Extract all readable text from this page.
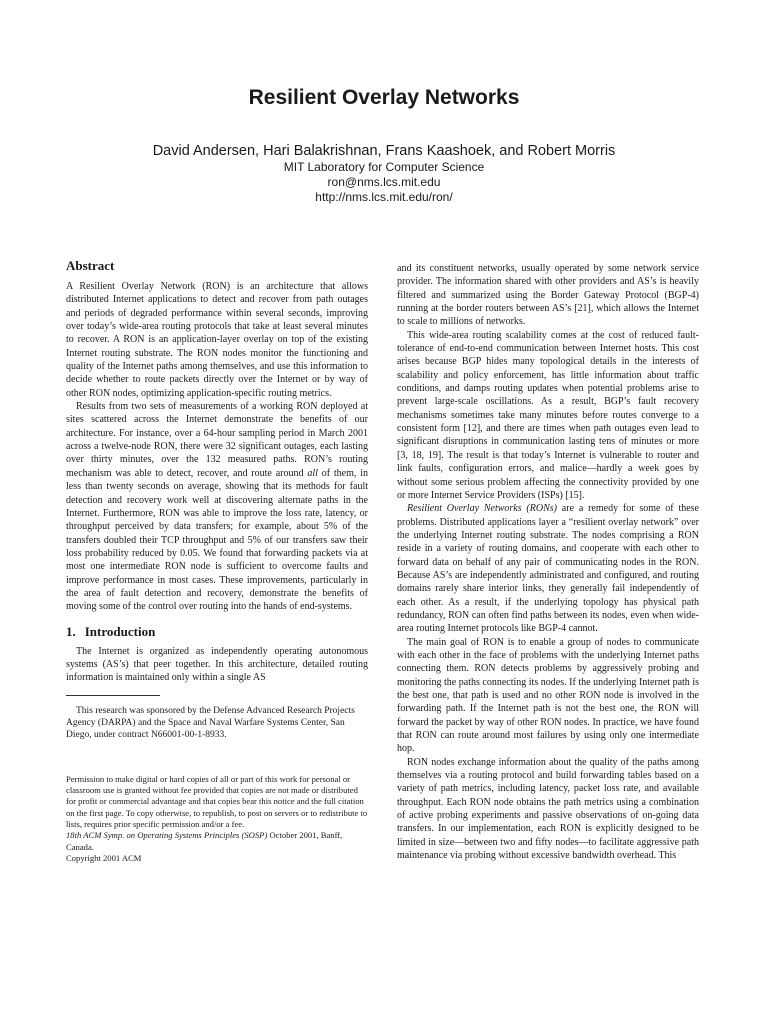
Resilient Overlay Networks
David Andersen, Hari Balakrishnan, Frans Kaashoek, and Robert Morris
MIT Laboratory for Computer Science
ron@nms.lcs.mit.edu
http://nms.lcs.mit.edu/ron/
Abstract

A Resilient Overlay Network (RON) is an architecture that allows distributed Internet applications to detect and recover from path outages and periods of degraded performance within several seconds, improving over today’s wide-area routing protocols that take at least several minutes to recover. A RON is an application-layer overlay on top of the existing Internet routing substrate. The RON nodes monitor the functioning and quality of the Internet paths among themselves, and use this information to decide whether to route packets directly over the Internet or by way of other RON nodes, optimizing application-specific routing metrics.

Results from two sets of measurements of a working RON deployed at sites scattered across the Internet demonstrate the benefits of our architecture. For instance, over a 64-hour sampling period in March 2001 across a twelve-node RON, there were 32 significant outages, each lasting over thirty minutes, over the 132 measured paths. RON’s routing mechanism was able to detect, recover, and route around all of them, in less than twenty seconds on average, showing that its methods for fault detection and recovery work well at discovering alternate paths in the Internet. Furthermore, RON was able to improve the loss rate, latency, or throughput perceived by data transfers; for example, about 5% of the transfers doubled their TCP throughput and 5% of our transfers saw their loss probability reduced by 0.05. We found that forwarding packets via at most one intermediate RON node is sufficient to overcome faults and improve performance in most cases. These improvements, particularly in the area of fault detection and recovery, demonstrate the benefits of moving some of the control over routing into the hands of end-systems.

1. Introduction

The Internet is organized as independently operating autonomous systems (AS’s) that peer together. In this architecture, detailed routing information is maintained only within a single AS

This research was sponsored by the Defense Advanced Research Projects Agency (DARPA) and the Space and Naval Warfare Systems Center, San Diego, under contract N66001-00-1-8933.

Permission to make digital or hard copies of all or part of this work for personal or classroom use is granted without fee provided that copies are not made or distributed for profit or commercial advantage and that copies bear this notice and the full citation on the first page. To copy otherwise, to republish, to post on servers or to redistribute to lists, requires prior specific permission and/or a fee.
18th ACM Symp. on Operating Systems Principles (SOSP) October 2001, Banff, Canada.
Copyright 2001 ACM

and its constituent networks, usually operated by some network service provider. The information shared with other providers and AS’s is heavily filtered and summarized using the Border Gateway Protocol (BGP-4) running at the border routers between AS’s [21], which allows the Internet to scale to millions of networks.

This wide-area routing scalability comes at the cost of reduced fault-tolerance of end-to-end communication between Internet hosts. This cost arises because BGP hides many topological details in the interests of scalability and policy enforcement, has little information about traffic conditions, and damps routing updates when potential problems arise to prevent large-scale oscillations. As a result, BGP’s fault recovery mechanisms sometimes take many minutes before routes converge to a consistent form [12], and there are times when path outages even lead to significant disruptions in communication lasting tens of minutes or more [3, 18, 19]. The result is that today’s Internet is vulnerable to router and link faults, configuration errors, and malice—hardly a week goes by without some serious problem affecting the connectivity provided by one or more Internet Service Providers (ISPs) [15].

Resilient Overlay Networks (RONs) are a remedy for some of these problems. Distributed applications layer a “resilient overlay network” over the underlying Internet routing substrate. The nodes comprising a RON reside in a variety of routing domains, and cooperate with each other to forward data on behalf of any pair of communicating nodes in the RON. Because AS’s are independently administrated and configured, and routing domains rarely share interior links, they generally fail independently of each other. As a result, if the underlying topology has physical path redundancy, RON can often find paths between its nodes, even when wide-area routing Internet protocols like BGP-4 cannot.

The main goal of RON is to enable a group of nodes to communicate with each other in the face of problems with the underlying Internet paths connecting them. RON detects problems by aggressively probing and monitoring the paths connecting its nodes. If the underlying Internet path is the best one, that path is used and no other RON node is involved in the forwarding path. If the Internet path is not the best one, the RON will forward the packet by way of other RON nodes. In practice, we have found that RON can route around most failures by using only one intermediate hop.

RON nodes exchange information about the quality of the paths among themselves via a routing protocol and build forwarding tables based on a variety of path metrics, including latency, packet loss rate, and available throughput. Each RON node obtains the path metrics using a combination of active probing experiments and passive observations of on-going data transfers. In our implementation, each RON is explicitly designed to be limited in size—between two and fifty nodes—to facilitate aggressive path maintenance via probing without excessive bandwidth overhead. This
